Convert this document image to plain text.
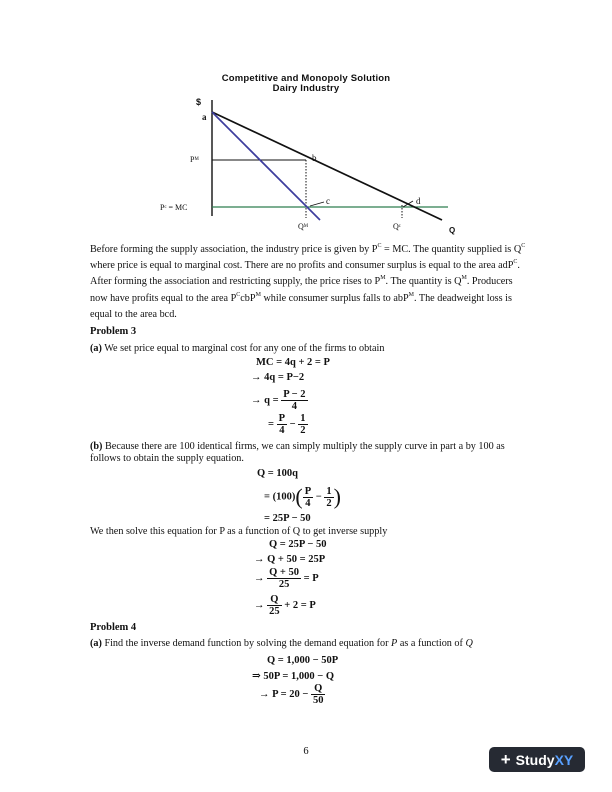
Competitive and Monopoly Solution
Dairy Industry
$
a
b
c	d
Pᴹ
Pᶜ = MC
Qᴹ	Qᶜ	Q
Before forming the supply association, the industry price is given by $P^C$ = MC. The quantity supplied is $Q^C$ where price is equal to marginal cost. There are no profits and consumer surplus is equal to the area adP$^C$. After forming the association and restricting supply, the price rises to $P^M$. The quantity is $Q^M$. Producers now have profits equal to the area $P^CcbP^M$ while consumer surplus falls to abP$^M$. The deadweight loss is equal to the area bcd.
Problem 3
(a) We set price equal to marginal cost for any one of the firms to obtain
MC = 4q + 2 = P
→ 4q = P−2
→ $q = \frac{P - 2}{4}$
= $\frac{P}{4} - \frac{1}{2}$
(b) Because there are 100 identical firms, we can simply multiply the supply curve in part a by 100 as follows to obtain the supply equation.
Q = 100q
= $(100)( \frac{P}{4} - \frac{1}{2}$ )
= 25P − 50
We then solve this equation for P as a function of Q to get inverse supply
Q = 25P − 50
→ Q + 50 = 25P
→ $\frac{Q + 50}{25} = P$
→ $\frac{Q}{25} + 2 = P$
Problem 4
(a) Find the inverse demand function by solving the demand equation for P as a function of Q
Q = 1,000 − 50P
⇒ 50P = 1,000 − Q
→ $P = 20 - \frac{Q}{50}$
6	+ StudyXY
